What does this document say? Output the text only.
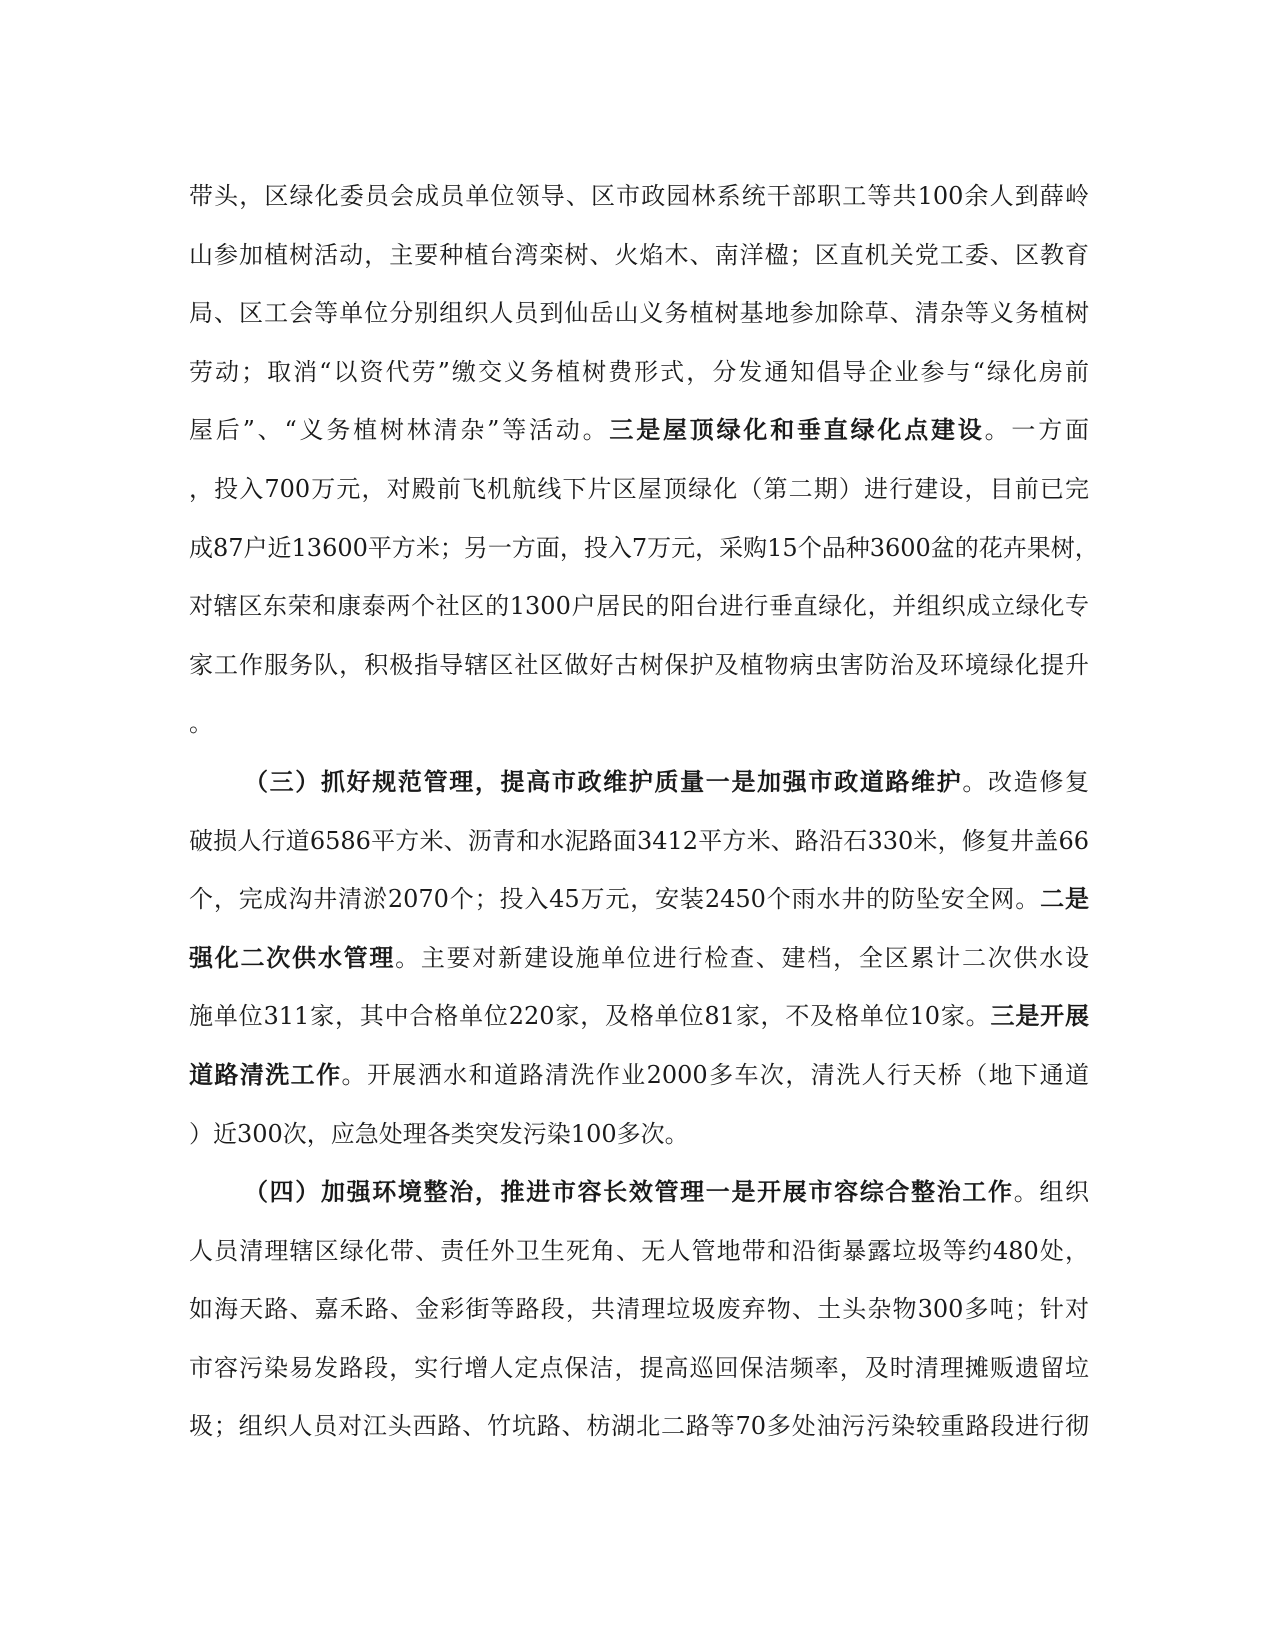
带头，区绿化委员会成员单位领导、区市政园林系统干部职工等共100余人到薛岭
山参加植树活动，主要种植台湾栾树、火焰木、南洋楹；区直机关党工委、区教育
局、区工会等单位分别组织人员到仙岳山义务植树基地参加除草、清杂等义务植树
劳动；取消“以资代劳”缴交义务植树费形式，分发通知倡导企业参与“绿化房前
屋后”、“义务植树林清杂”等活动。三是屋顶绿化和垂直绿化点建设。一方面
，投入700万元，对殿前飞机航线下片区屋顶绿化（第二期）进行建设，目前已完
成87户近13600平方米；另一方面，投入7万元，采购15个品种3600盆的花卉果树，
对辖区东荣和康泰两个社区的1300户居民的阳台进行垂直绿化，并组织成立绿化专
家工作服务队，积极指导辖区社区做好古树保护及植物病虫害防治及环境绿化提升
。
（三）抓好规范管理，提高市政维护质量一是加强市政道路维护。改造修复
破损人行道6586平方米、沥青和水泥路面3412平方米、路沿石330米，修复井盖66
个，完成沟井清淤2070个；投入45万元，安装2450个雨水井的防坠安全网。二是
强化二次供水管理。主要对新建设施单位进行检查、建档，全区累计二次供水设
施单位311家，其中合格单位220家，及格单位81家，不及格单位10家。三是开展
道路清洗工作。开展洒水和道路清洗作业2000多车次，清洗人行天桥（地下通道
）近300次，应急处理各类突发污染100多次。
（四）加强环境整治，推进市容长效管理一是开展市容综合整治工作。组织
人员清理辖区绿化带、责任外卫生死角、无人管地带和沿街暴露垃圾等约480处，
如海天路、嘉禾路、金彩街等路段，共清理垃圾废弃物、土头杂物300多吨；针对
市容污染易发路段，实行增人定点保洁，提高巡回保洁频率，及时清理摊贩遗留垃
圾；组织人员对江头西路、竹坑路、枋湖北二路等70多处油污污染较重路段进行彻
